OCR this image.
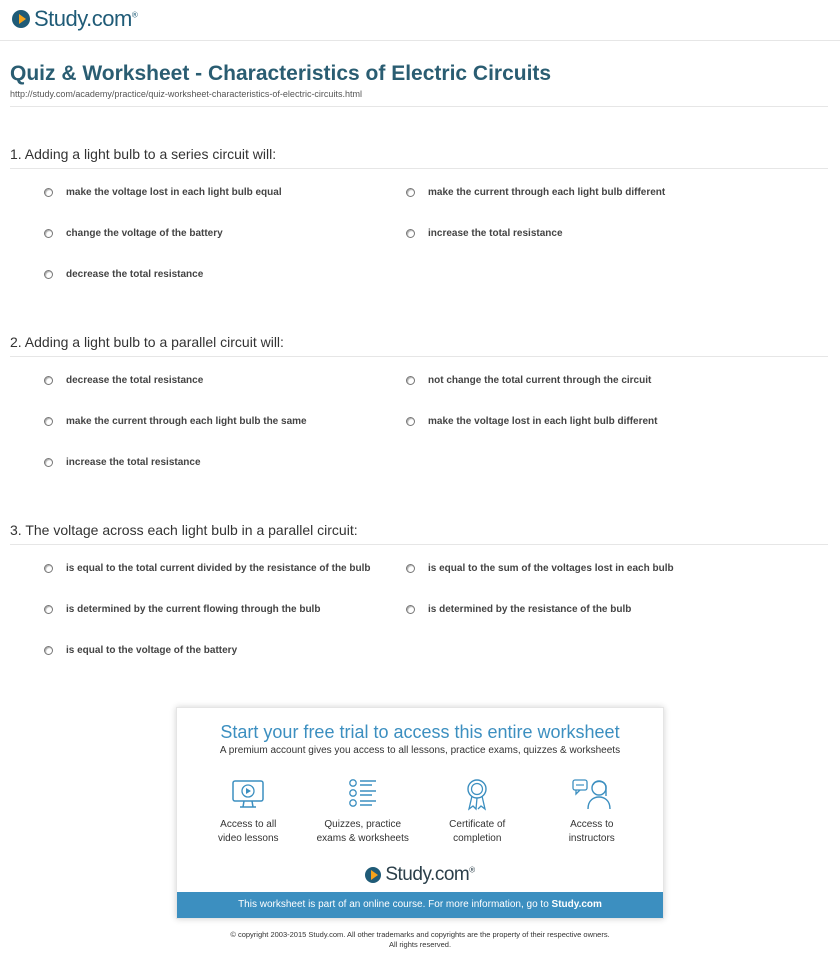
Study.com®
Quiz & Worksheet - Characteristics of Electric Circuits
http://study.com/academy/practice/quiz-worksheet-characteristics-of-electric-circuits.html

1. Adding a light bulb to a series circuit will:

make the voltage lost in each light bulb equal	make the current through each light bulb different
change the voltage of the battery	increase the total resistance
decrease the total resistance

2. Adding a light bulb to a parallel circuit will:

decrease the total resistance	not change the total current through the circuit
make the current through each light bulb the same	make the voltage lost in each light bulb different
increase the total resistance

3. The voltage across each light bulb in a parallel circuit:

is equal to the total current divided by the resistance of the bulb	is equal to the sum of the voltages lost in each bulb
is determined by the current flowing through the bulb	is determined by the resistance of the bulb
is equal to the voltage of the battery
Start your free trial to access this entire worksheet
A premium account gives you access to all lessons, practice exams, quizzes & worksheets
Access to all
video lessons
Quizzes, practice
exams & worksheets
Certificate of
completion
Access to
instructors
Study.com®
This worksheet is part of an online course. For more information, go to Study.com
© copyright 2003-2015 Study.com. All other trademarks and copyrights are the property of their respective owners.
All rights reserved.
